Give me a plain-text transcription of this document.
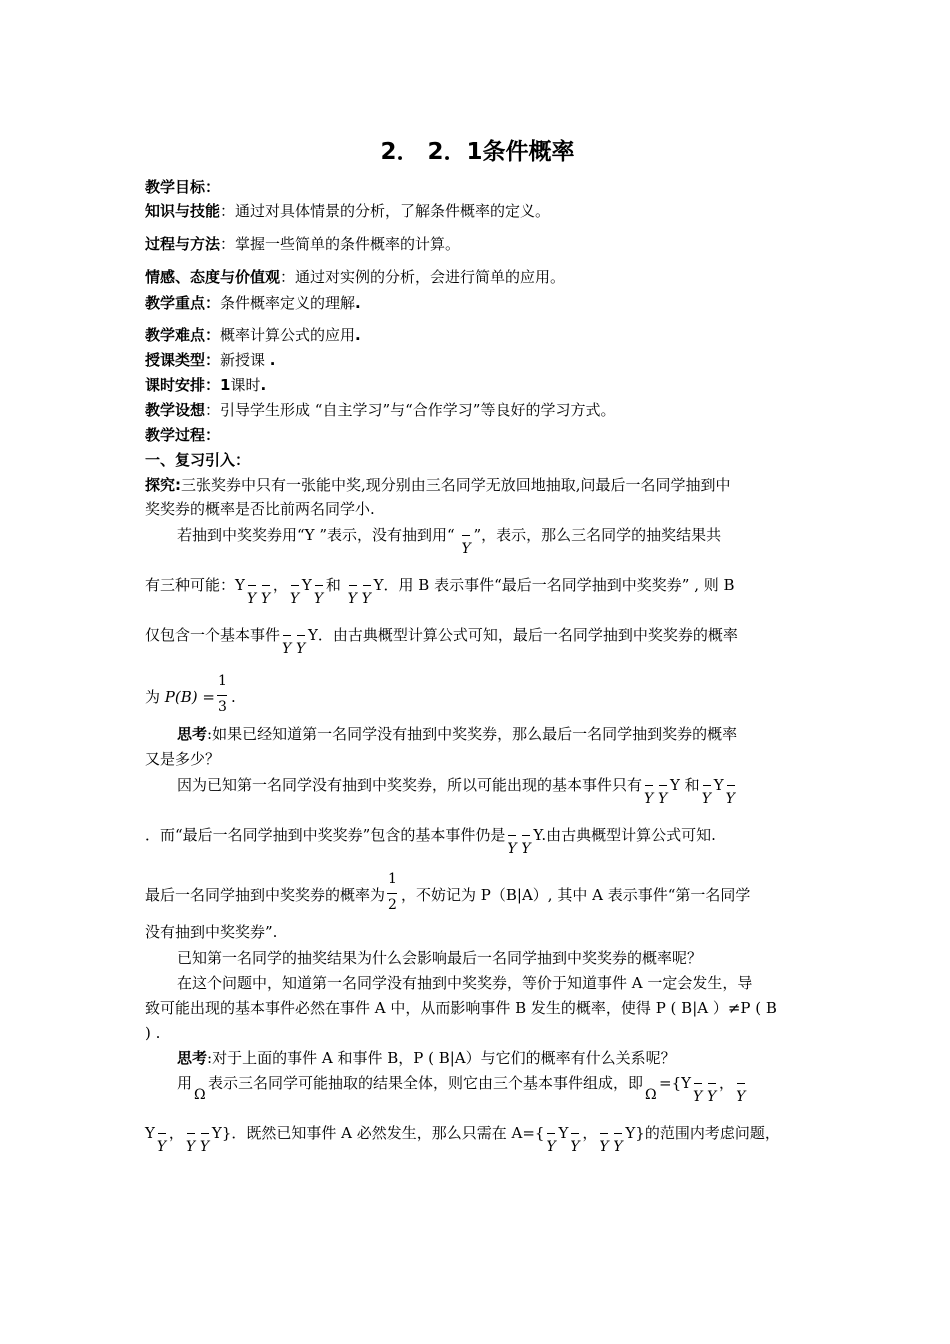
2． 2．1条件概率
教学目标：
知识与技能：通过对具体情景的分析，了解条件概率的定义。
过程与方法：掌握一些简单的条件概率的计算。
情感、态度与价值观：通过对实例的分析，会进行简单的应用。
教学重点：条件概率定义的理解.
教学难点：概率计算公式的应用.
授课类型：新授课 .
课时安排：1课时.
教学设想：引导学生形成 “自主学习”与“合作学习”等良好的学习方式。
教学过程：
一、复习引入：
探究:三张奖券中只有一张能中奖,现分别由三名同学无放回地抽取,问最后一名同学抽到中
奖奖券的概率是否比前两名同学小.
若抽到中奖奖券用“Y ”表示，没有抽到用“
Y
”，表示，那么三名同学的抽奖结果共
有三种可能：Y
Y Y
，
Y
Y
Y
和
Y Y
Y．用 B 表示事件“最后一名同学抽到中奖奖券” , 则 B
仅包含一个基本事件
Y Y
Y．由古典概型计算公式可知，最后一名同学抽到中奖奖券的概率
为 $P(B) = \frac{1}{3}$ .
思考:如果已经知道第一名同学没有抽到中奖奖券，那么最后一名同学抽到奖券的概率
又是多少？
因为已知第一名同学没有抽到中奖奖券，所以可能出现的基本事件只有
Y Y
Y 和
Y
Y
Y
．而“最后一名同学抽到中奖奖券”包含的基本事件仍是
Y Y
Y.由古典概型计算公式可知.
最后一名同学抽到中奖奖券的概率为 $\frac{1}{2}$ ，不妨记为 P（B|A）, 其中 A 表示事件“第一名同学
没有抽到中奖奖券”.
已知第一名同学的抽奖结果为什么会影响最后一名同学抽到中奖奖券的概率呢？
在这个问题中，知道第一名同学没有抽到中奖奖券，等价于知道事件 A 一定会发生，导
致可能出现的基本事件必然在事件 A 中，从而影响事件 B 发生的概率，使得 P ( B|A ）≠P ( B
) .
思考:对于上面的事件 A 和事件 B，P ( B|A）与它们的概率有什么关系呢？
用
Ω
表示三名同学可能抽取的结果全体，则它由三个基本事件组成，即
Ω
={Y
Y Y
，
Y
Y
Y
，
Y Y
Y}．既然已知事件 A 必然发生，那么只需在 A={
Y
Y
Y
，
Y Y
Y}的范围内考虑问题，
